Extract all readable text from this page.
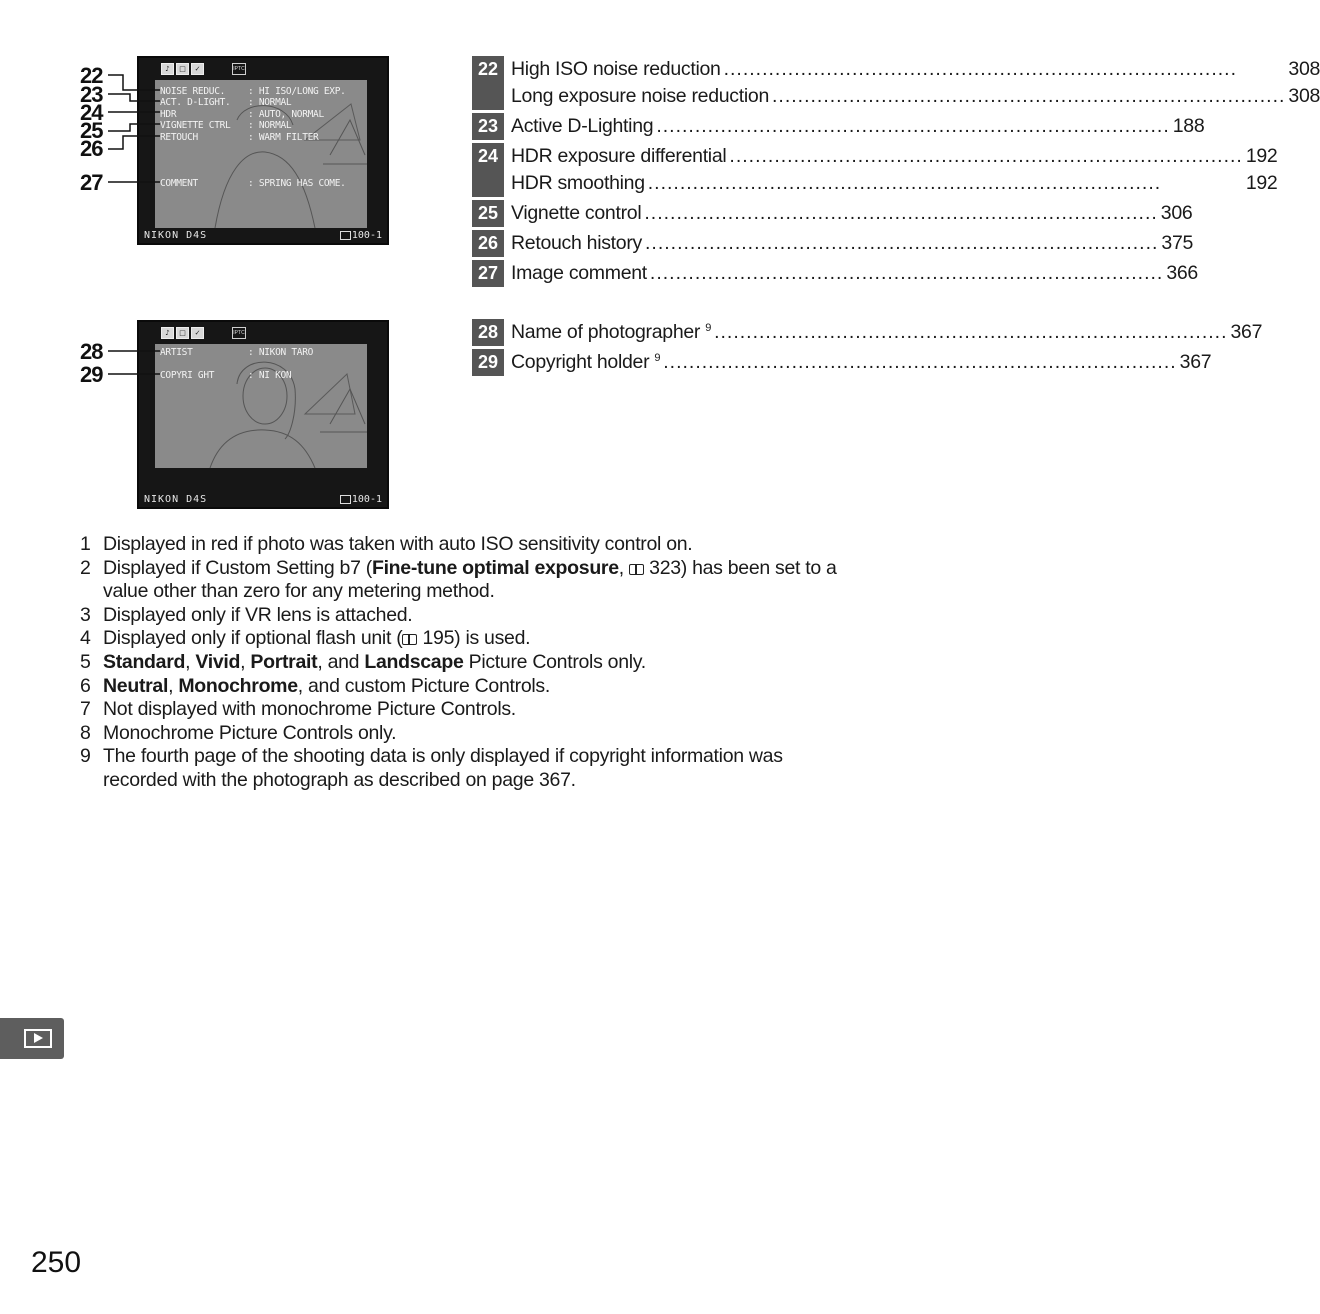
♪	□	✓	IPTC
NOISE REDUC. : HI ISO/LONG EXP.
ACT. D-LIGHT. : NORMAL
HDR	: AUTO, NORMAL
VIGNETTE CTRL : NORMAL
RETOUCH	: WARM FILTER
COMMENT	: SPRING HAS COME.
NIKON D4S	100-1
22
23
24
25
26
27
♪	□	✓	IPTC
ARTIST	: NIKON TARO
COPYRI GHT	: NI KON
NIKON D4S	100-1
28
29
22 High ISO noise reduction .....	308
Long exposure noise reduction .....	308
23 Active D-Lighting .....	188
24 HDR exposure differential .....	192
HDR smoothing .....	192
25 Vignette control .....	306
26 Retouch history .....	375
27 Image comment .....	366
28 Name of photographer $^9$ .....	367
29 Copyright holder $^9$ .....	367
1 Displayed in red if photo was taken with auto ISO sensitivity control on.
2 Displayed if Custom Setting b7 (Fine-tune optimal exposure,  323) has been set to a value other than zero for any metering method.
3 Displayed only if VR lens is attached.
4 Displayed only if optional flash unit ( 195) is used.
5 Standard, Vivid, Portrait, and Landscape Picture Controls only.
6 Neutral, Monochrome, and custom Picture Controls.
7 Not displayed with monochrome Picture Controls.
8 Monochrome Picture Controls only.
9 The fourth page of the shooting data is only displayed if copyright information was recorded with the photograph as described on page 367.
250
